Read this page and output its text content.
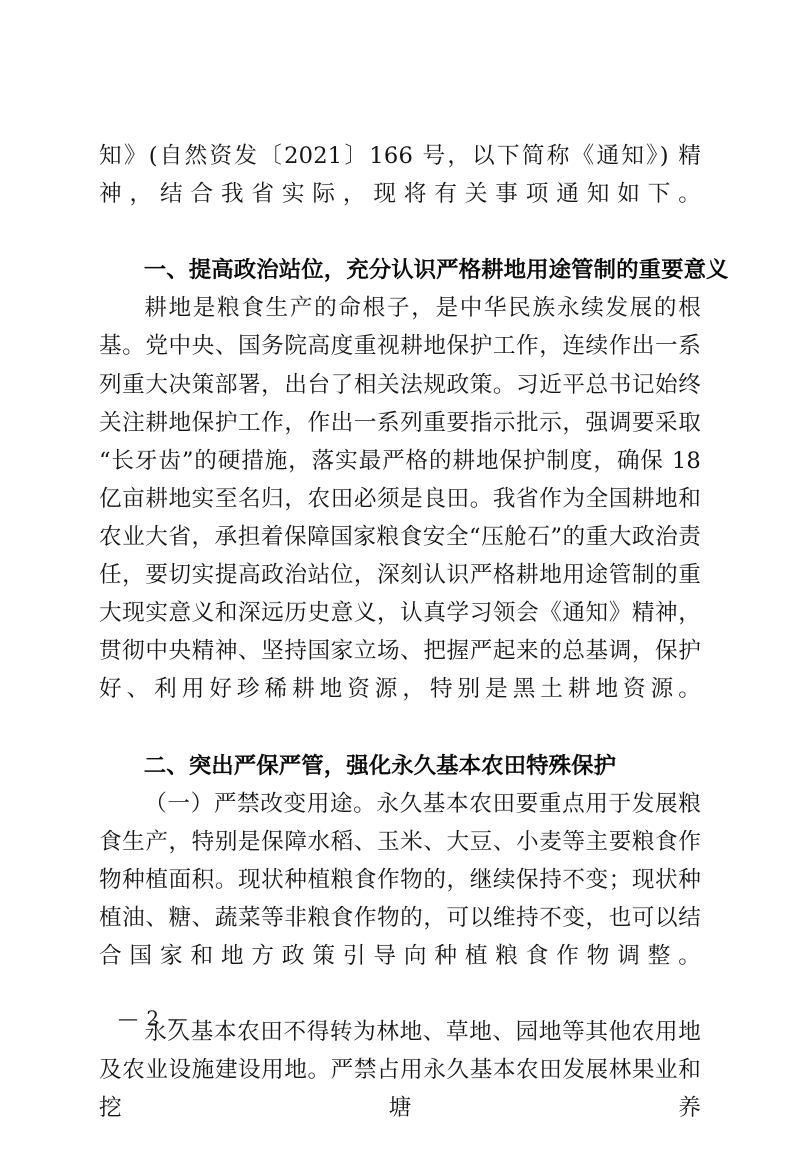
知》(自然资发〔2021〕166 号，以下简称《通知》) 精神，结合我省实际，现将有关事项通知如下。

一、提高政治站位，充分认识严格耕地用途管制的重要意义

耕地是粮食生产的命根子，是中华民族永续发展的根基。党中央、国务院高度重视耕地保护工作，连续作出一系列重大决策部署，出台了相关法规政策。习近平总书记始终关注耕地保护工作，作出一系列重要指示批示，强调要采取“长牙齿”的硬措施，落实最严格的耕地保护制度，确保 18 亿亩耕地实至名归，农田必须是良田。我省作为全国耕地和农业大省，承担着保障国家粮食安全“压舱石”的重大政治责任，要切实提高政治站位，深刻认识严格耕地用途管制的重大现实意义和深远历史意义，认真学习领会《通知》精神，贯彻中央精神、坚持国家立场、把握严起来的总基调，保护好、利用好珍稀耕地资源，特别是黑土耕地资源。

二、突出严保严管，强化永久基本农田特殊保护

（一）严禁改变用途。永久基本农田要重点用于发展粮食生产，特别是保障水稻、玉米、大豆、小麦等主要粮食作物种植面积。现状种植粮食作物的，继续保持不变；现状种植油、糖、蔬菜等非粮食作物的，可以维持不变，也可以结合国家和地方政策引导向种植粮食作物调整。

永久基本农田不得转为林地、草地、园地等其他农用地及农业设施建设用地。严禁占用永久基本农田发展林果业和挖塘养

— 2 —
